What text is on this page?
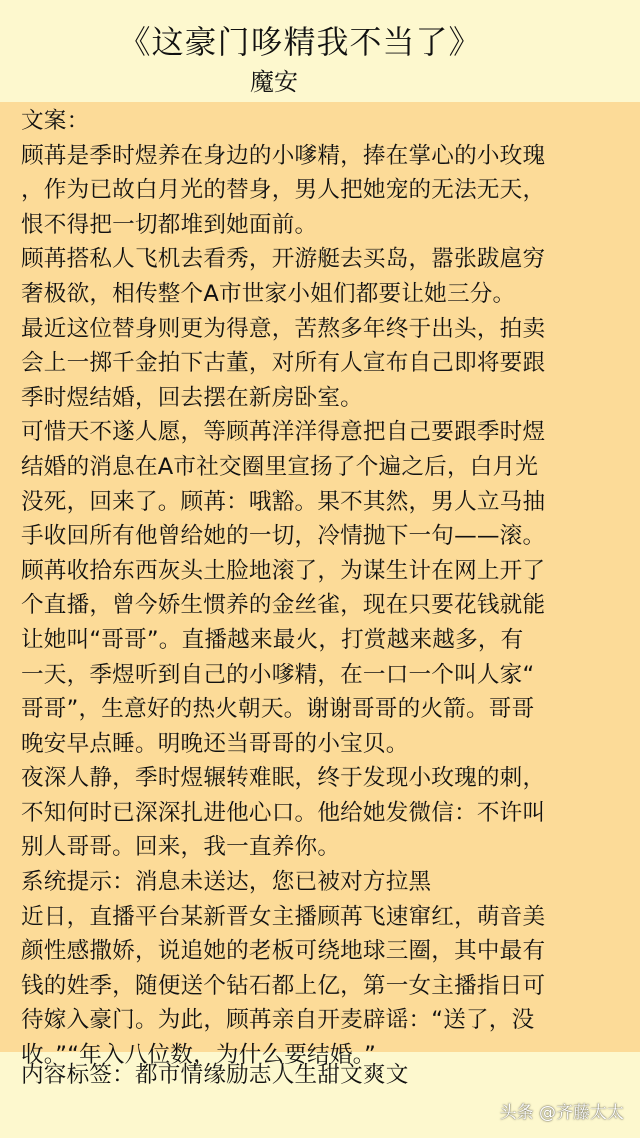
《这豪门哆精我不当了》
魔安

文案：

顾苒是季时煜养在身边的小嗲精，捧在掌心的小玫瑰

，作为已故白月光的替身，男人把她宠的无法无天，

恨不得把一切都堆到她面前。

顾苒搭私人飞机去看秀，开游艇去买岛，嚣张跋扈穷

奢极欲，相传整个A市世家小姐们都要让她三分。

最近这位替身则更为得意，苦熬多年终于出头，拍卖

会上一掷千金拍下古董，对所有人宣布自己即将要跟

季时煜结婚，回去摆在新房卧室。

可惜天不遂人愿，等顾苒洋洋得意把自己要跟季时煜

结婚的消息在A市社交圈里宣扬了个遍之后，白月光

没死，回来了。顾苒：哦豁。果不其然，男人立马抽

手收回所有他曾给她的一切，冷情抛下一句——滚。

顾苒收拾东西灰头土脸地滚了，为谋生计在网上开了

个直播，曾今娇生惯养的金丝雀，现在只要花钱就能

让她叫“哥哥”。直播越来最火，打赏越来越多，有

一天，季煜听到自己的小嗲精，在一口一个叫人家“

哥哥”，生意好的热火朝天。谢谢哥哥的火箭。哥哥

晚安早点睡。明晚还当哥哥的小宝贝。

夜深人静，季时煜辗转难眠，终于发现小玫瑰的刺，

不知何时已深深扎进他心口。他给她发微信：不许叫

别人哥哥。回来，我一直养你。

系统提示：消息未送达，您已被对方拉黑

近日，直播平台某新晋女主播顾苒飞速窜红，萌音美

颜性感撒娇，说追她的老板可绕地球三圈，其中最有

钱的姓季，随便送个钻石都上亿，第一女主播指日可

待嫁入豪门。为此，顾苒亲自开麦辟谣：“送了，没

收。”“年入八位数，为什么要结婚。”

内容标签：都市情缘励志人生甜文爽文
头条 @齐藤太太
